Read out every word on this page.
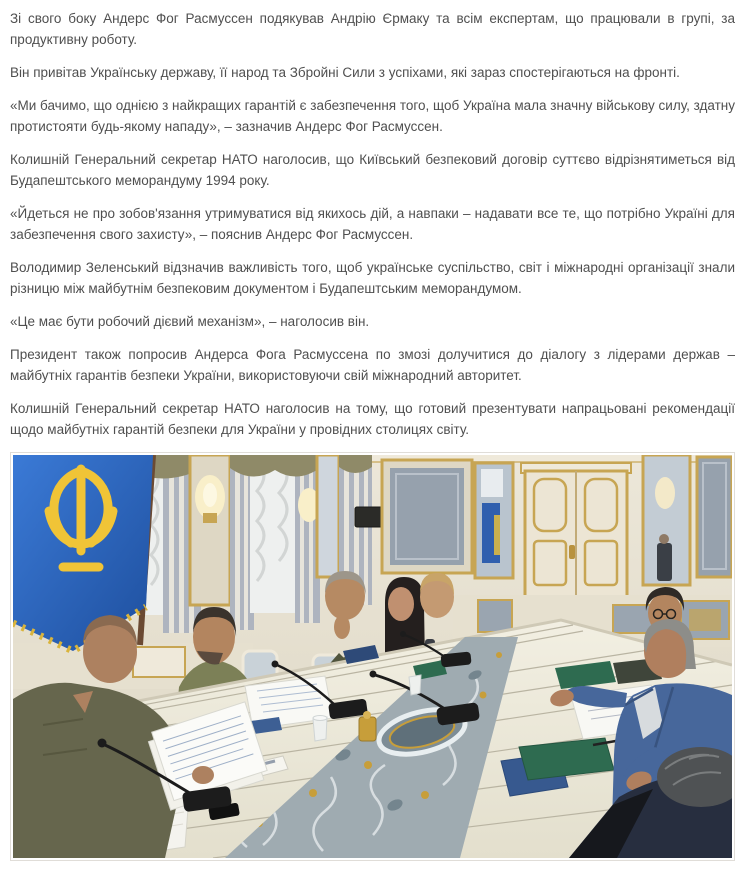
Зі свого боку Андерс Фог Расмуссен подякував Андрію Єрмаку та всім експертам, що працювали в групі, за продуктивну роботу.

Він привітав Українську державу, її народ та Збройні Сили з успіхами, які зараз спостерігаються на фронті.

«Ми бачимо, що однією з найкращих гарантій є забезпечення того, щоб Україна мала значну військову силу, здатну протистояти будь-якому нападу», – зазначив Андерс Фог Расмуссен.

Колишній Генеральний секретар НАТО наголосив, що Київський безпековий договір суттєво відрізнятиметься від Будапештського меморандуму 1994 року.

«Йдеться не про зобов'язання утримуватися від якихось дій, а навпаки – надавати все те, що потрібно Україні для забезпечення свого захисту», – пояснив Андерс Фог Расмуссен.

Володимир Зеленський відзначив важливість того, щоб українське суспільство, світ і міжнародні організації знали різницю між майбутнім безпековим документом і Будапештським меморандумом.

«Це має бути робочий дієвий механізм», – наголосив він.

Президент також попросив Андерса Фога Расмуссена по змозі долучитися до діалогу з лідерами держав – майбутніх гарантів безпеки України, використовуючи свій міжнародний авторитет.

Колишній Генеральний секретар НАТО наголосив на тому, що готовий презентувати напрацьовані рекомендації щодо майбутніх гарантій безпеки для України у провідних столицях світу.
